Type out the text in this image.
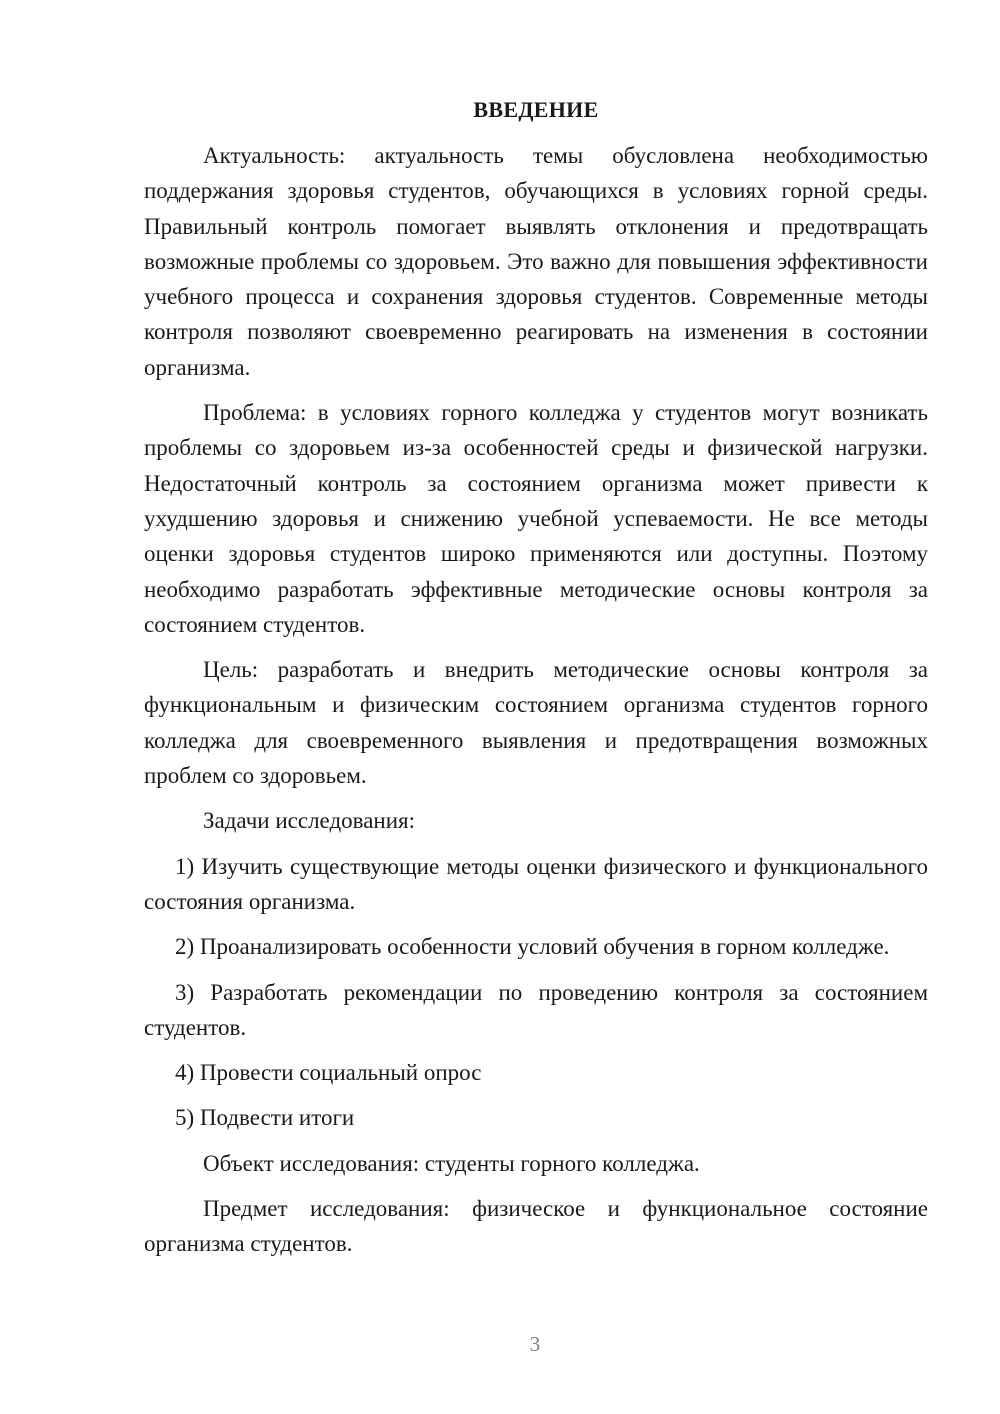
ВВЕДЕНИЕ

Актуальность: актуальность темы обусловлена необходимостью поддержания здоровья студентов, обучающихся в условиях горной среды. Правильный контроль помогает выявлять отклонения и предотвращать возможные проблемы со здоровьем. Это важно для повышения эффективности учебного процесса и сохранения здоровья студентов. Современные методы контроля позволяют своевременно реагировать на изменения в состоянии организма.

Проблема: в условиях горного колледжа у студентов могут возникать проблемы со здоровьем из-за особенностей среды и физической нагрузки. Недостаточный контроль за состоянием организма может привести к ухудшению здоровья и снижению учебной успеваемости. Не все методы оценки здоровья студентов широко применяются или доступны. Поэтому необходимо разработать эффективные методические основы контроля за состоянием студентов.

Цель: разработать и внедрить методические основы контроля за функциональным и физическим состоянием организма студентов горного колледжа для своевременного выявления и предотвращения возможных проблем со здоровьем.

Задачи исследования:

1) Изучить существующие методы оценки физического и функционального состояния организма.

2) Проанализировать особенности условий обучения в горном колледже.

3) Разработать рекомендации по проведению контроля за состоянием студентов.

4) Провести социальный опрос

5) Подвести итоги

Объект исследования: студенты горного колледжа.

Предмет исследования: физическое и функциональное состояние организма студентов.

3
